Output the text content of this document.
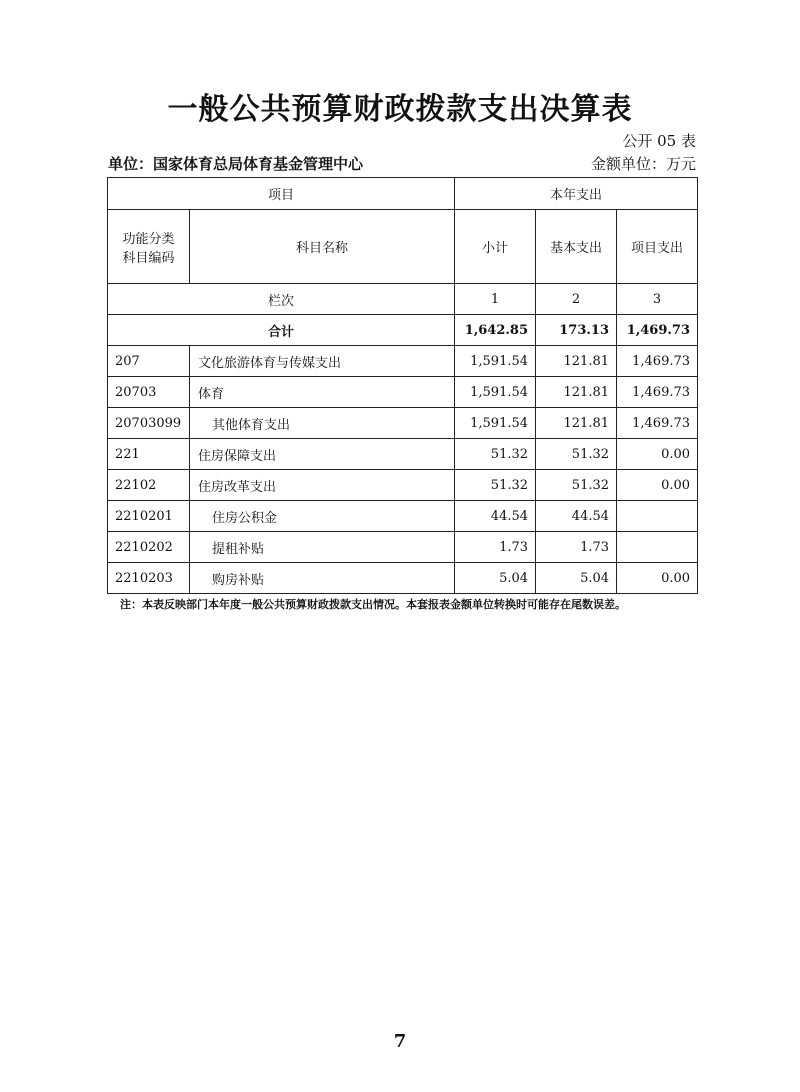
一般公共预算财政拨款支出决算表
公开 05 表
单位：国家体育总局体育基金管理中心	金额单位：万元
项目		本年支出		

功能分类
科目编码	科目名称	小计	基本支出	项目支出
栏次		1	2	3
合计		1,642.85	173.13	1,469.73
207	文化旅游体育与传媒支出	1,591.54	121.81	1,469.73
20703	体育	1,591.54	121.81	1,469.73
20703099	其他体育支出	1,591.54	121.81	1,469.73
221	住房保障支出	51.32	51.32	0.00
22102	住房改革支出	51.32	51.32	0.00
2210201	住房公积金	44.54	44.54	
2210202	提租补贴	1.73	1.73	
2210203	购房补贴	5.04	5.04	0.00
注：本表反映部门本年度一般公共预算财政拨款支出情况。本套报表金额单位转换时可能存在尾数误差。
7
